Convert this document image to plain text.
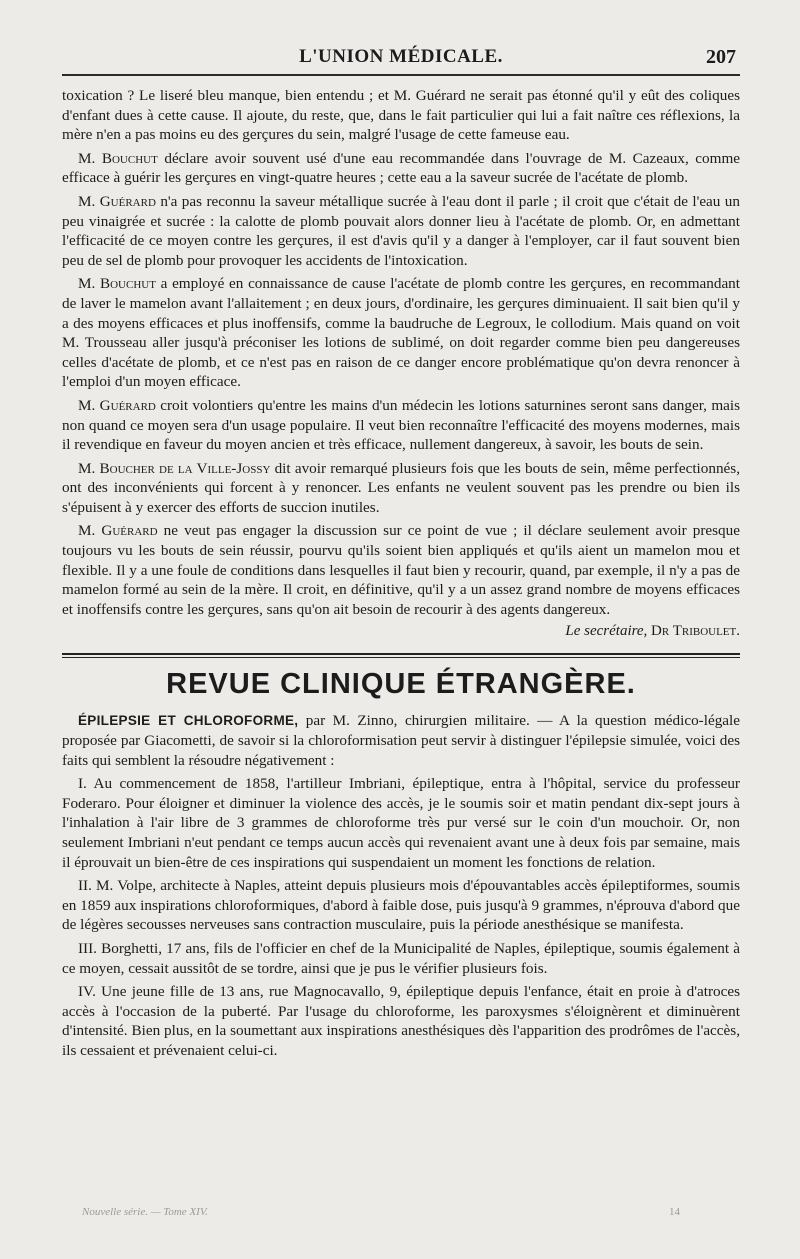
L'UNION MÉDICALE.	207

toxication ? Le liseré bleu manque, bien entendu ; et M. Guérard ne serait pas étonné qu'il y eût des coliques d'enfant dues à cette cause. Il ajoute, du reste, que, dans le fait particulier qui lui a fait naître ces réflexions, la mère n'en a pas moins eu des gerçures du sein, malgré l'usage de cette fameuse eau.

M. Bouchut déclare avoir souvent usé d'une eau recommandée dans l'ouvrage de M. Cazeaux, comme efficace à guérir les gerçures en vingt-quatre heures ; cette eau a la saveur sucrée de l'acétate de plomb.

M. Guérard n'a pas reconnu la saveur métallique sucrée à l'eau dont il parle ; il croit que c'était de l'eau un peu vinaigrée et sucrée : la calotte de plomb pouvait alors donner lieu à l'acétate de plomb. Or, en admettant l'efficacité de ce moyen contre les gerçures, il est d'avis qu'il y a danger à l'employer, car il faut souvent bien peu de sel de plomb pour provoquer les accidents de l'intoxication.

M. Bouchut a employé en connaissance de cause l'acétate de plomb contre les gerçures, en recommandant de laver le mamelon avant l'allaitement ; en deux jours, d'ordinaire, les gerçures diminuaient. Il sait bien qu'il y a des moyens efficaces et plus inoffensifs, comme la baudruche de Legroux, le collodium. Mais quand on voit M. Trousseau aller jusqu'à préconiser les lotions de sublimé, on doit regarder comme bien peu dangereuses celles d'acétate de plomb, et ce n'est pas en raison de ce danger encore problématique qu'on devra renoncer à l'emploi d'un moyen efficace.

M. Guérard croit volontiers qu'entre les mains d'un médecin les lotions saturnines seront sans danger, mais non quand ce moyen sera d'un usage populaire. Il veut bien reconnaître l'efficacité des moyens modernes, mais il revendique en faveur du moyen ancien et très efficace, nullement dangereux, à savoir, les bouts de sein.

M. Boucher de la Ville-Jossy dit avoir remarqué plusieurs fois que les bouts de sein, même perfectionnés, ont des inconvénients qui forcent à y renoncer. Les enfants ne veulent souvent pas les prendre ou bien ils s'épuisent à y exercer des efforts de succion inutiles.

M. Guérard ne veut pas engager la discussion sur ce point de vue ; il déclare seulement avoir presque toujours vu les bouts de sein réussir, pourvu qu'ils soient bien appliqués et qu'ils aient un mamelon mou et flexible. Il y a une foule de conditions dans lesquelles il faut bien y recourir, quand, par exemple, il n'y a pas de mamelon formé au sein de la mère. Il croit, en définitive, qu'il y a un assez grand nombre de moyens efficaces et inoffensifs contre les gerçures, sans qu'on ait besoin de recourir à des agents dangereux.

Le secrétaire, Dr Triboulet.
REVUE CLINIQUE ÉTRANGÈRE.

ÉPILEPSIE ET CHLOROFORME, par M. Zinno, chirurgien militaire. — A la question médico-légale proposée par Giacometti, de savoir si la chloroformisation peut servir à distinguer l'épilepsie simulée, voici des faits qui semblent la résoudre négativement :

I. Au commencement de 1858, l'artilleur Imbriani, épileptique, entra à l'hôpital, service du professeur Foderaro. Pour éloigner et diminuer la violence des accès, je le soumis soir et matin pendant dix-sept jours à l'inhalation à l'air libre de 3 grammes de chloroforme très pur versé sur le coin d'un mouchoir. Or, non seulement Imbriani n'eut pendant ce temps aucun accès qui revenaient avant une à deux fois par semaine, mais il éprouvait un bien-être de ces inspirations qui suspendaient un moment les fonctions de relation.

II. M. Volpe, architecte à Naples, atteint depuis plusieurs mois d'épouvantables accès épileptiformes, soumis en 1859 aux inspirations chloroformiques, d'abord à faible dose, puis jusqu'à 9 grammes, n'éprouva d'abord que de légères secousses nerveuses sans contraction musculaire, puis la période anesthésique se manifesta.

III. Borghetti, 17 ans, fils de l'officier en chef de la Municipalité de Naples, épileptique, soumis également à ce moyen, cessait aussitôt de se tordre, ainsi que je pus le vérifier plusieurs fois.

IV. Une jeune fille de 13 ans, rue Magnocavallo, 9, épileptique depuis l'enfance, était en proie à d'atroces accès à l'occasion de la puberté. Par l'usage du chloroforme, les paroxysmes s'éloignèrent et diminuèrent d'intensité. Bien plus, en la soumettant aux inspirations anesthésiques dès l'apparition des prodrômes de l'accès, ils cessaient et prévenaient celui-ci.

Nouvelle série. — Tome XIV.	14
